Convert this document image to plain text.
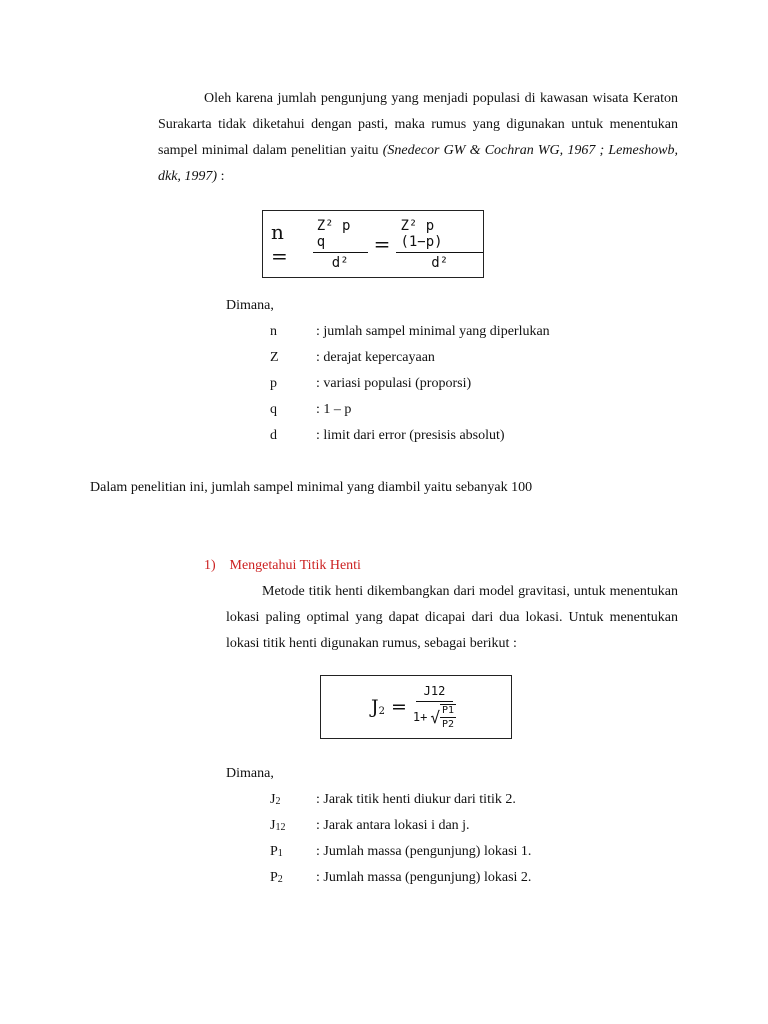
Oleh karena jumlah pengunjung yang menjadi populasi di kawasan wisata Keraton Surakarta tidak diketahui dengan pasti, maka rumus yang digunakan untuk menentukan sampel minimal dalam penelitian yaitu (Snedecor GW & Cochran WG, 1967 ; Lemeshowb, dkk, 1997) :
n =	$\frac{\text{Z² p q}}{\text{d²}} = \frac{\text{Z² p (1−p)}}{\text{d²}}$
Dimana,
n	: jumlah sampel minimal yang diperlukan
Z	: derajat kepercayaan
p	: variasi populasi (proporsi)
q	: 1 – p
d	: limit dari error (presisis absolut)
Dalam penelitian ini, jumlah sampel minimal yang diambil yaitu sebanyak 100
1) Mengetahui Titik Henti
Metode titik henti dikembangkan dari model gravitasi, untuk menentukan lokasi paling optimal yang dapat dicapai dari dua lokasi. Untuk menentukan lokasi titik henti digunakan rumus, sebagai berikut :
$J_2 = \frac{J12}{1+ √ \frac{P1}{P2}}$
Dimana,
$J_2$	: Jarak titik henti diukur dari titik 2.
$J_{12}$ : Jarak antara lokasi i dan j.
$P_1$ : Jumlah massa (pengunjung) lokasi 1.
$P_2$ : Jumlah massa (pengunjung) lokasi 2.
